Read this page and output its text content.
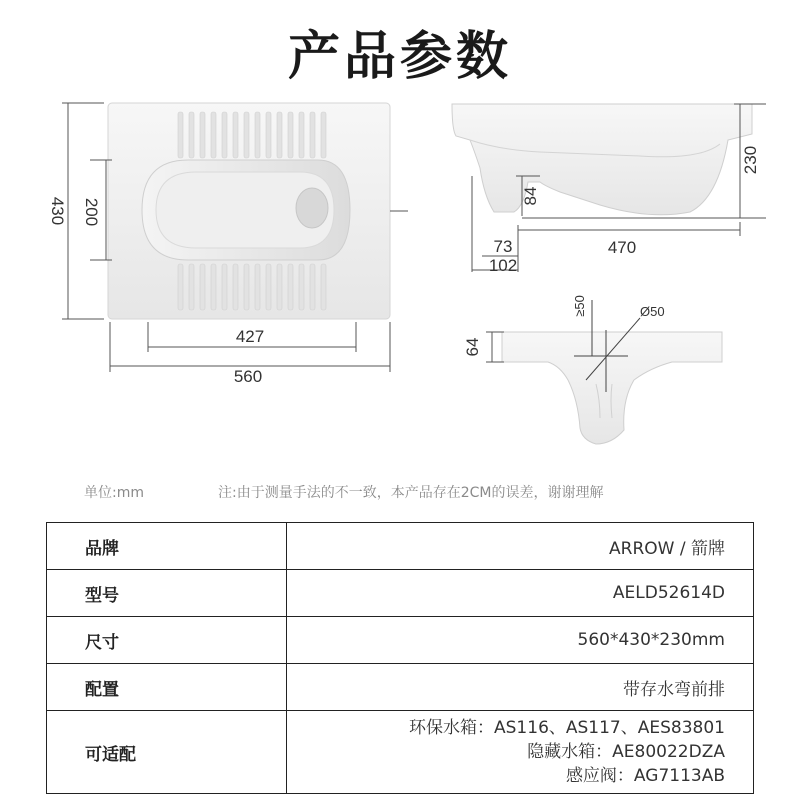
产品参数
430 200
427
560
230
84
470
73
102
≥50	Ø50
64
单位:mm	注:由于测量手法的不一致，本产品存在2CM的误差，谢谢理解
品牌	ARROW / 箭牌
型号	AELD52614D
尺寸	560*430*230mm
配置	带存水弯前排
可适配	环保水箱：AS116、AS117、AES83801
隐藏水箱：AE80022DZA
感应阀：AG7113AB
